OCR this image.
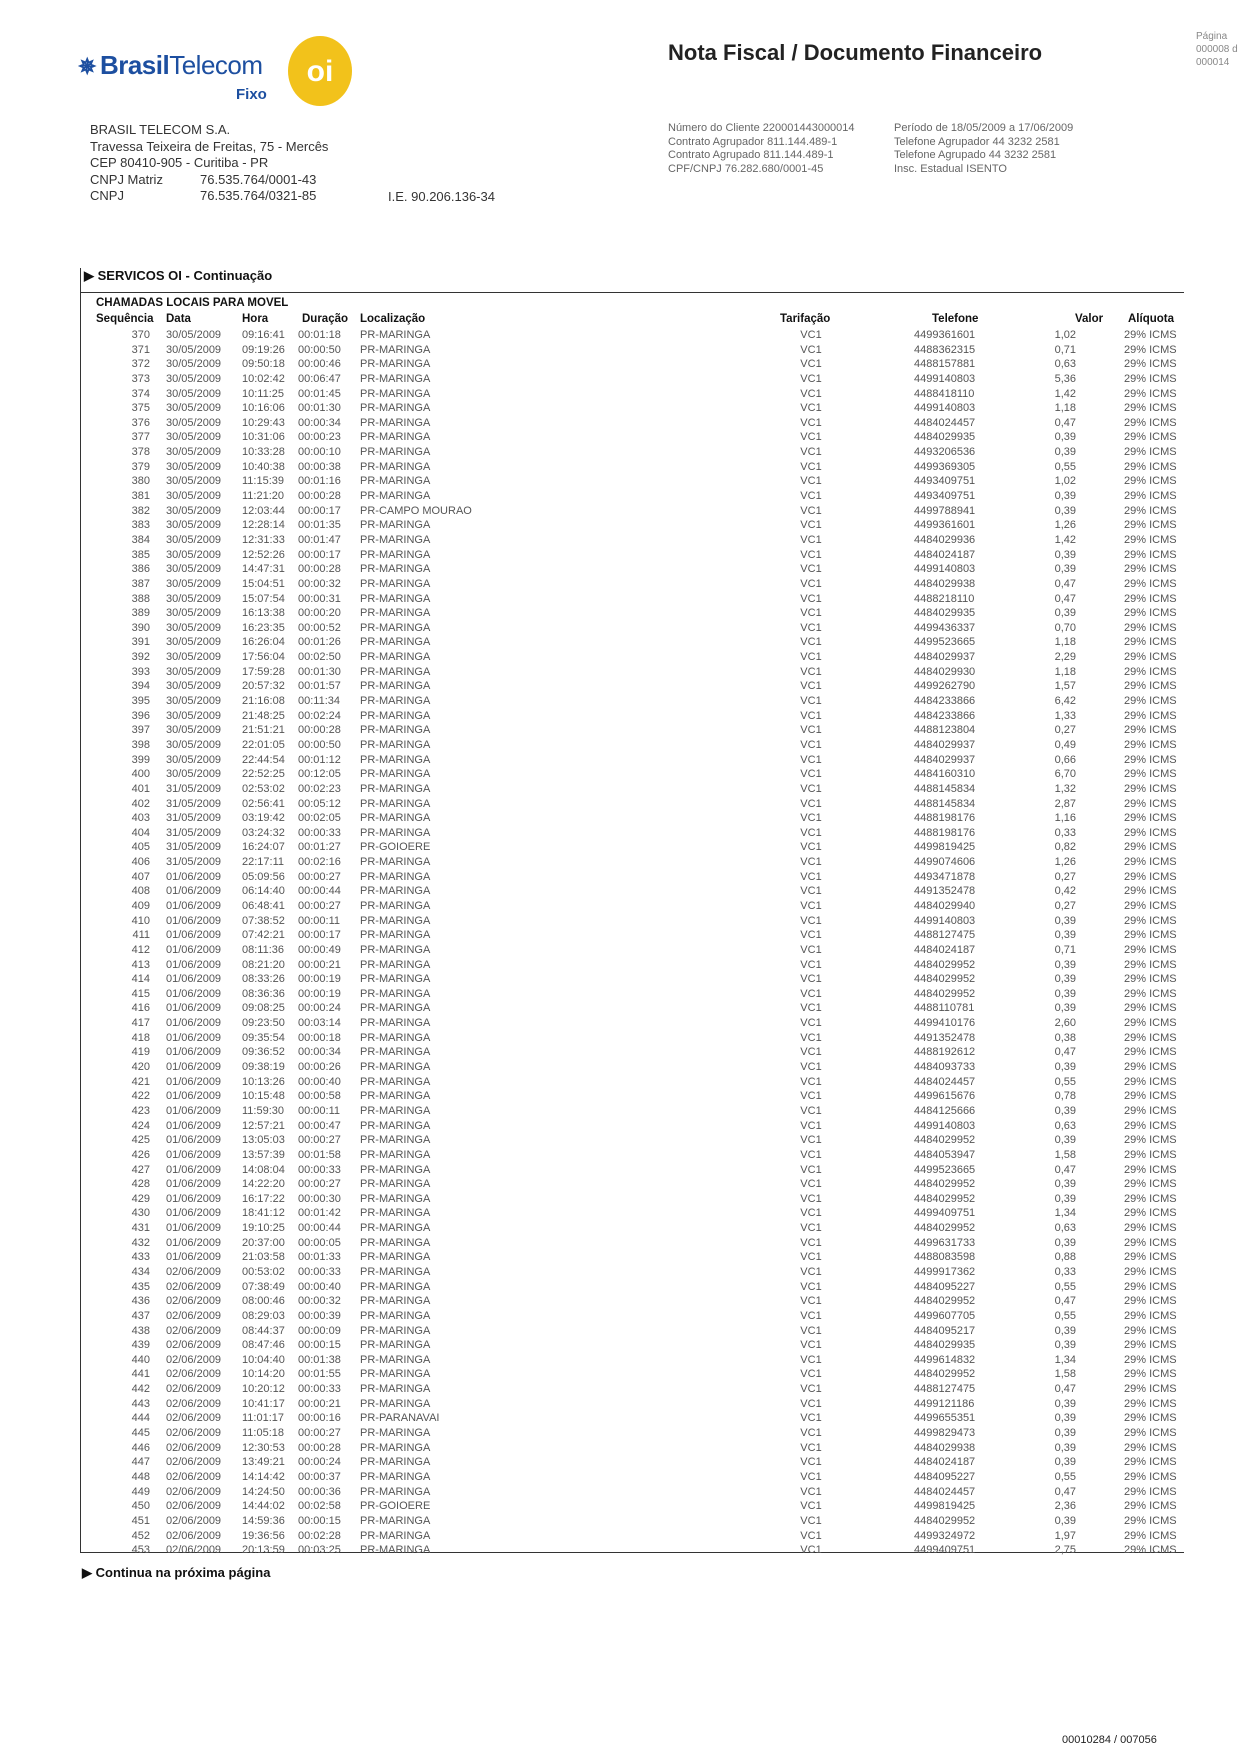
✵ BrasilTelecom
Fixo
oi
Nota Fiscal / Documento Financeiro
Página
000008 d
000014
BRASIL TELECOM S.A.
Travessa Teixeira de Freitas, 75 - Mercês
CEP 80410-905 - Curitiba - PR
CNPJ Matriz	76.535.764/0001-43
CNPJ	76.535.764/0321-85	I.E. 90.206.136-34
Número do Cliente 220001443000014
Contrato Agrupador 811.144.489-1
Contrato Agrupado 811.144.489-1
CPF/CNPJ 76.282.680/0001-45
Período de 18/05/2009 a 17/06/2009
Telefone Agrupador 44 3232 2581
Telefone Agrupado 44 3232 2581
Insc. Estadual ISENTO
▶ SERVICOS OI - Continuação
CHAMADAS LOCAIS PARA MOVEL
Sequência Data	Hora	Duração Localização	Tarifação	Telefone	Valor Alíquota
370 30/05/2009 09:16:41 00:01:18 PR-MARINGA	VC1	4499361601	1,02	29% ICMS
371 30/05/2009 09:19:26 00:00:50 PR-MARINGA	VC1	4488362315	0,71	29% ICMS
372 30/05/2009 09:50:18 00:00:46 PR-MARINGA	VC1	4488157881	0,63	29% ICMS
373 30/05/2009 10:02:42 00:06:47 PR-MARINGA	VC1	4499140803	5,36	29% ICMS
374 30/05/2009 10:11:25 00:01:45 PR-MARINGA	VC1	4488418110	1,42	29% ICMS
375 30/05/2009 10:16:06 00:01:30 PR-MARINGA	VC1	4499140803	1,18	29% ICMS
376 30/05/2009 10:29:43 00:00:34 PR-MARINGA	VC1	4484024457	0,47	29% ICMS
377 30/05/2009 10:31:06 00:00:23 PR-MARINGA	VC1	4484029935	0,39	29% ICMS
378 30/05/2009 10:33:28 00:00:10 PR-MARINGA	VC1	4493206536	0,39	29% ICMS
379 30/05/2009 10:40:38 00:00:38 PR-MARINGA	VC1	4499369305	0,55	29% ICMS
380 30/05/2009 11:15:39 00:01:16 PR-MARINGA	VC1	4493409751	1,02	29% ICMS
381 30/05/2009 11:21:20 00:00:28 PR-MARINGA	VC1	4493409751	0,39	29% ICMS
382 30/05/2009 12:03:44 00:00:17 PR-CAMPO MOURAO	VC1	4499788941	0,39	29% ICMS
383 30/05/2009 12:28:14 00:01:35 PR-MARINGA	VC1	4499361601	1,26	29% ICMS
384 30/05/2009 12:31:33 00:01:47 PR-MARINGA	VC1	4484029936	1,42	29% ICMS
385 30/05/2009 12:52:26 00:00:17 PR-MARINGA	VC1	4484024187	0,39	29% ICMS
386 30/05/2009 14:47:31 00:00:28 PR-MARINGA	VC1	4499140803	0,39	29% ICMS
387 30/05/2009 15:04:51 00:00:32 PR-MARINGA	VC1	4484029938	0,47	29% ICMS
388 30/05/2009 15:07:54 00:00:31 PR-MARINGA	VC1	4488218110	0,47	29% ICMS
389 30/05/2009 16:13:38 00:00:20 PR-MARINGA	VC1	4484029935	0,39	29% ICMS
390 30/05/2009 16:23:35 00:00:52 PR-MARINGA	VC1	4499436337	0,70	29% ICMS
391 30/05/2009 16:26:04 00:01:26 PR-MARINGA	VC1	4499523665	1,18	29% ICMS
392 30/05/2009 17:56:04 00:02:50 PR-MARINGA	VC1	4484029937	2,29	29% ICMS
393 30/05/2009 17:59:28 00:01:30 PR-MARINGA	VC1	4484029930	1,18	29% ICMS
394 30/05/2009 20:57:32 00:01:57 PR-MARINGA	VC1	4499262790	1,57	29% ICMS
395 30/05/2009 21:16:08 00:11:34 PR-MARINGA	VC1	4484233866	6,42	29% ICMS
396 30/05/2009 21:48:25 00:02:24 PR-MARINGA	VC1	4484233866	1,33	29% ICMS
397 30/05/2009 21:51:21 00:00:28 PR-MARINGA	VC1	4488123804	0,27	29% ICMS
398 30/05/2009 22:01:05 00:00:50 PR-MARINGA	VC1	4484029937	0,49	29% ICMS
399 30/05/2009 22:44:54 00:01:12 PR-MARINGA	VC1	4484029937	0,66	29% ICMS
400 30/05/2009 22:52:25 00:12:05 PR-MARINGA	VC1	4484160310	6,70	29% ICMS
401 31/05/2009 02:53:02 00:02:23 PR-MARINGA	VC1	4488145834	1,32	29% ICMS
402 31/05/2009 02:56:41 00:05:12 PR-MARINGA	VC1	4488145834	2,87	29% ICMS
403 31/05/2009 03:19:42 00:02:05 PR-MARINGA	VC1	4488198176	1,16	29% ICMS
404 31/05/2009 03:24:32 00:00:33 PR-MARINGA	VC1	4488198176	0,33	29% ICMS
405 31/05/2009 16:24:07 00:01:27 PR-GOIOERE	VC1	4499819425	0,82	29% ICMS
406 31/05/2009 22:17:11 00:02:16 PR-MARINGA	VC1	4499074606	1,26	29% ICMS
407 01/06/2009 05:09:56 00:00:27 PR-MARINGA	VC1	4493471878	0,27	29% ICMS
408 01/06/2009 06:14:40 00:00:44 PR-MARINGA	VC1	4491352478	0,42	29% ICMS
409 01/06/2009 06:48:41 00:00:27 PR-MARINGA	VC1	4484029940	0,27	29% ICMS
410 01/06/2009 07:38:52 00:00:11 PR-MARINGA	VC1	4499140803	0,39	29% ICMS
411 01/06/2009 07:42:21 00:00:17 PR-MARINGA	VC1	4488127475	0,39	29% ICMS
412 01/06/2009 08:11:36 00:00:49 PR-MARINGA	VC1	4484024187	0,71	29% ICMS
413 01/06/2009 08:21:20 00:00:21 PR-MARINGA	VC1	4484029952	0,39	29% ICMS
414 01/06/2009 08:33:26 00:00:19 PR-MARINGA	VC1	4484029952	0,39	29% ICMS
415 01/06/2009 08:36:36 00:00:19 PR-MARINGA	VC1	4484029952	0,39	29% ICMS
416 01/06/2009 09:08:25 00:00:24 PR-MARINGA	VC1	4488110781	0,39	29% ICMS
417 01/06/2009 09:23:50 00:03:14 PR-MARINGA	VC1	4499410176	2,60	29% ICMS
418 01/06/2009 09:35:54 00:00:18 PR-MARINGA	VC1	4491352478	0,38	29% ICMS
419 01/06/2009 09:36:52 00:00:34 PR-MARINGA	VC1	4488192612	0,47	29% ICMS
420 01/06/2009 09:38:19 00:00:26 PR-MARINGA	VC1	4484093733	0,39	29% ICMS
421 01/06/2009 10:13:26 00:00:40 PR-MARINGA	VC1	4484024457	0,55	29% ICMS
422 01/06/2009 10:15:48 00:00:58 PR-MARINGA	VC1	4499615676	0,78	29% ICMS
423 01/06/2009 11:59:30 00:00:11 PR-MARINGA	VC1	4484125666	0,39	29% ICMS
424 01/06/2009 12:57:21 00:00:47 PR-MARINGA	VC1	4499140803	0,63	29% ICMS
425 01/06/2009 13:05:03 00:00:27 PR-MARINGA	VC1	4484029952	0,39	29% ICMS
426 01/06/2009 13:57:39 00:01:58 PR-MARINGA	VC1	4484053947	1,58	29% ICMS
427 01/06/2009 14:08:04 00:00:33 PR-MARINGA	VC1	4499523665	0,47	29% ICMS
428 01/06/2009 14:22:20 00:00:27 PR-MARINGA	VC1	4484029952	0,39	29% ICMS
429 01/06/2009 16:17:22 00:00:30 PR-MARINGA	VC1	4484029952	0,39	29% ICMS
430 01/06/2009 18:41:12 00:01:42 PR-MARINGA	VC1	4499409751	1,34	29% ICMS
431 01/06/2009 19:10:25 00:00:44 PR-MARINGA	VC1	4484029952	0,63	29% ICMS
432 01/06/2009 20:37:00 00:00:05 PR-MARINGA	VC1	4499631733	0,39	29% ICMS
433 01/06/2009 21:03:58 00:01:33 PR-MARINGA	VC1	4488083598	0,88	29% ICMS
434 02/06/2009 00:53:02 00:00:33 PR-MARINGA	VC1	4499917362	0,33	29% ICMS
435 02/06/2009 07:38:49 00:00:40 PR-MARINGA	VC1	4484095227	0,55	29% ICMS
436 02/06/2009 08:00:46 00:00:32 PR-MARINGA	VC1	4484029952	0,47	29% ICMS
437 02/06/2009 08:29:03 00:00:39 PR-MARINGA	VC1	4499607705	0,55	29% ICMS
438 02/06/2009 08:44:37 00:00:09 PR-MARINGA	VC1	4484095217	0,39	29% ICMS
439 02/06/2009 08:47:46 00:00:15 PR-MARINGA	VC1	4484029935	0,39	29% ICMS
440 02/06/2009 10:04:40 00:01:38 PR-MARINGA	VC1	4499614832	1,34	29% ICMS
441 02/06/2009 10:14:20 00:01:55 PR-MARINGA	VC1	4484029952	1,58	29% ICMS
442 02/06/2009 10:20:12 00:00:33 PR-MARINGA	VC1	4488127475	0,47	29% ICMS
443 02/06/2009 10:41:17 00:00:21 PR-MARINGA	VC1	4499121186	0,39	29% ICMS
444 02/06/2009 11:01:17 00:00:16 PR-PARANAVAI	VC1	4499655351	0,39	29% ICMS
445 02/06/2009 11:05:18 00:00:27 PR-MARINGA	VC1	4499829473	0,39	29% ICMS
446 02/06/2009 12:30:53 00:00:28 PR-MARINGA	VC1	4484029938	0,39	29% ICMS
447 02/06/2009 13:49:21 00:00:24 PR-MARINGA	VC1	4484024187	0,39	29% ICMS
448 02/06/2009 14:14:42 00:00:37 PR-MARINGA	VC1	4484095227	0,55	29% ICMS
449 02/06/2009 14:24:50 00:00:36 PR-MARINGA	VC1	4484024457	0,47	29% ICMS
450 02/06/2009 14:44:02 00:02:58 PR-GOIOERE	VC1	4499819425	2,36	29% ICMS
451 02/06/2009 14:59:36 00:00:15 PR-MARINGA	VC1	4484029952	0,39	29% ICMS
452 02/06/2009 19:36:56 00:02:28 PR-MARINGA	VC1	4499324972	1,97	29% ICMS
453 02/06/2009 20:13:59 00:03:25 PR-MARINGA	VC1	4499409751	2,75	29% ICMS
▶ Continua na próxima página
00010284 / 007056
